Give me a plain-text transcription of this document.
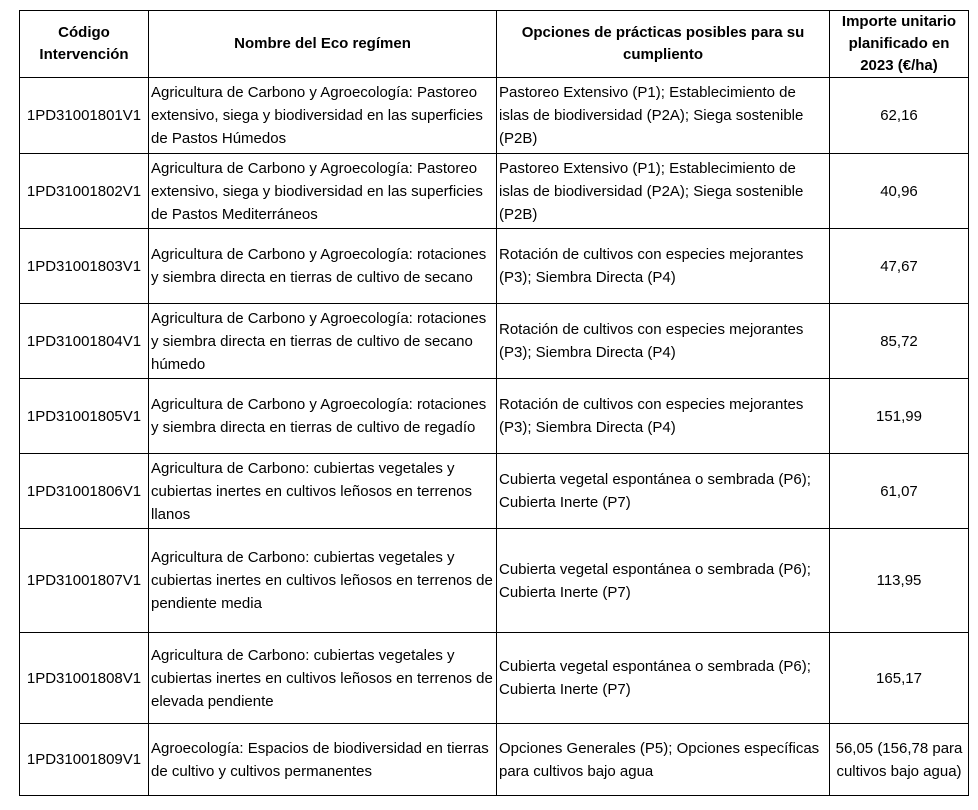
Código Intervención	Nombre del Eco regímen	Opciones de prácticas posibles para su cumpliento	Importe unitario planificado en 2023 (€/ha)
1PD31001801V1	Agricultura de Carbono y Agroecología: Pastoreo extensivo, siega y biodiversidad en las superficies de Pastos Húmedos	Pastoreo Extensivo (P1); Establecimiento de islas de biodiversidad (P2A); Siega sostenible (P2B)	62,16
1PD31001802V1	Agricultura de Carbono y Agroecología: Pastoreo extensivo, siega y biodiversidad en las superficies de Pastos Mediterráneos	Pastoreo Extensivo (P1); Establecimiento de islas de biodiversidad (P2A); Siega sostenible (P2B)	40,96
1PD31001803V1	Agricultura de Carbono y Agroecología: rotaciones y siembra directa en tierras de cultivo de secano	Rotación de cultivos con especies mejorantes (P3); Siembra Directa (P4)	47,67
1PD31001804V1	Agricultura de Carbono y Agroecología: rotaciones y siembra directa en tierras de cultivo de secano húmedo	Rotación de cultivos con especies mejorantes (P3); Siembra Directa (P4)	85,72
1PD31001805V1	Agricultura de Carbono y Agroecología: rotaciones y siembra directa en tierras de cultivo de regadío	Rotación de cultivos con especies mejorantes (P3); Siembra Directa (P4)	151,99
1PD31001806V1	Agricultura de Carbono: cubiertas vegetales y cubiertas inertes en cultivos leñosos en terrenos llanos	Cubierta vegetal espontánea o sembrada (P6); Cubierta Inerte (P7)	61,07
1PD31001807V1	Agricultura de Carbono: cubiertas vegetales y cubiertas inertes en cultivos leñosos en terrenos de pendiente media	Cubierta vegetal espontánea o sembrada (P6); Cubierta Inerte (P7)	113,95
1PD31001808V1	Agricultura de Carbono: cubiertas vegetales y cubiertas inertes en cultivos leñosos en terrenos de elevada pendiente	Cubierta vegetal espontánea o sembrada (P6); Cubierta Inerte (P7)	165,17
1PD31001809V1	Agroecología: Espacios de biodiversidad en tierras de cultivo y cultivos permanentes	Opciones Generales (P5); Opciones específicas para cultivos bajo agua	56,05 (156,78 para cultivos bajo agua)
